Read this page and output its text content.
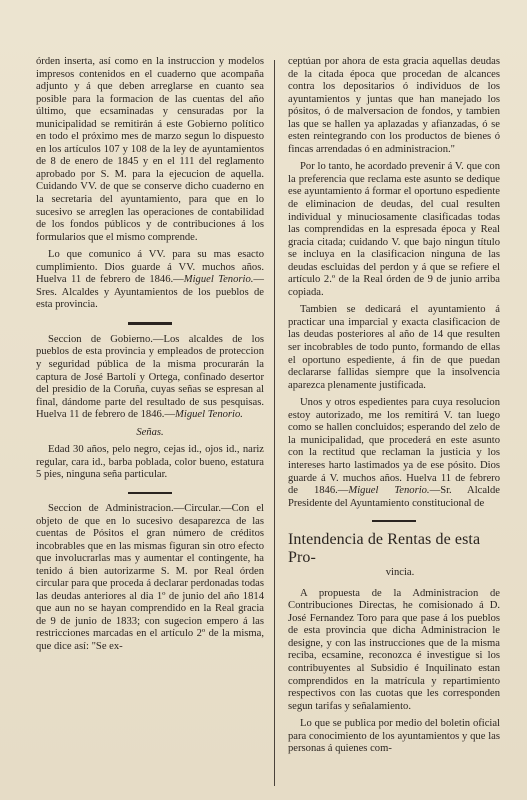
órden inserta, así como en la instruccion y modelos impresos contenidos en el cuaderno que acompaña adjunto y á que deben arreglarse en cuanto sea posible para la formacion de las cuentas del año último, que ecsaminadas y censuradas por la municipalidad se remitirán á este Gobierno político en todo el próximo mes de marzo segun lo dispuesto en los artículos 107 y 108 de la ley de ayuntamientos de 8 de enero de 1845 y en el 111 del reglamento aprobado por S. M. para la ejecucion de aquella. Cuidando VV. de que se conserve dicho cuaderno en la secretaria del ayuntamiento, para que en lo sucesivo se arreglen las operaciones de contabilidad de los fondos públicos y de contribuciones á los formularios que el mismo comprende.

Lo que comunico á VV. para su mas esacto cumplimiento. Dios guarde á VV. muchos años. Huelva 11 de febrero de 1846.—Miguel Tenorio.—Sres. Alcaldes y Ayuntamientos de los pueblos de esta provincia.

Seccion de Gobierno.—Los alcaldes de los pueblos de esta provincia y empleados de proteccion y seguridad pública de la misma procurarán la captura de José Bartolí y Ortega, confinado desertor del presidio de la Coruña, cuyas señas se espresan al final, dándome parte del resultado de sus pesquisas. Huelva 11 de febrero de 1846.—Miguel Tenorio.

Señas.

Edad 30 años, pelo negro, cejas id., ojos id., nariz regular, cara id., barba poblada, color bueno, estatura 5 pies, ninguna seña particular.

Seccion de Administracion.—Circular.—Con el objeto de que en lo sucesivo desaparezca de las cuentas de Pósitos el gran número de créditos incobrables que en las mismas figuran sin otro efecto que involucrarlas mas y aumentar el contingente, ha tenido á bien autorizarme S. M. por Real órden circular para que proceda á declarar perdonadas todas las deudas anteriores al dia 1º de junio del año 1814 que aun no se hayan comprendido en la Real gracia de 9 de junio de 1833; con sugecion empero á las restricciones marcadas en el artículo 2º de la misma, que dice así: "Se ex-

ceptúan por ahora de esta gracia aquellas deudas de la citada época que procedan de alcances contra los depositarios ó individuos de los ayuntamientos y juntas que han manejado los pósitos, ó de malversacion de fondos, y tambien las que se hallen ya aplazadas y afianzadas, ó se esten reintegrando con los productos de bienes ó fincas arrendadas ó en administracion."

Por lo tanto, he acordado prevenir á V. que con la preferencia que reclama este asunto se dedique ese ayuntamiento á formar el oportuno espediente de eliminacion de deudas, del cual resulten individual y minuciosamente clasificadas todas las comprendidas en la espresada época y Real gracia citada; cuidando V. que bajo ningun título se incluya en la clasificacion ninguna de las deudas escluidas del perdon y á que se refiere el artículo 2.º de la Real órden de 9 de junio arriba copiada.

Tambien se dedicará el ayuntamiento á practicar una imparcial y exacta clasificacion de las deudas posteriores al año de 14 que resulten ser incobrables de todo punto, formando de ellas el oportuno espediente, á fin de que puedan declararse fallidas siempre que la insolvencia aparezca plenamente justificada.

Unos y otros espedientes para cuya resolucion estoy autorizado, me los remitirá V. tan luego como se hallen concluidos; esperando del zelo de la municipalidad, que procederá en este asunto con la rectitud que reclaman la justicia y los intereses harto lastimados ya de ese pósito. Dios guarde á V. muchos años. Huelva 11 de febrero de 1846.—Miguel Tenorio.—Sr. Alcalde Presidente del Ayuntamiento constitucional de

Intendencia de Rentas de esta Pro-

vincia.

A propuesta de la Administracion de Contribuciones Directas, he comisionado á D. José Fernandez Toro para que pase á los pueblos de esta provincia que dicha Administracion le designe, y con las instrucciones que de la misma reciba, ecsamine, reconozca é investigue si los contribuyentes al Subsidio é Inquilinato estan comprendidos en la matrícula y repartimiento respectivos con las cuotas que les corresponden segun tarifas y señalamiento.

Lo que se publica por medio del boletin oficial para conocimiento de los ayuntamientos y que las personas á quienes com-
